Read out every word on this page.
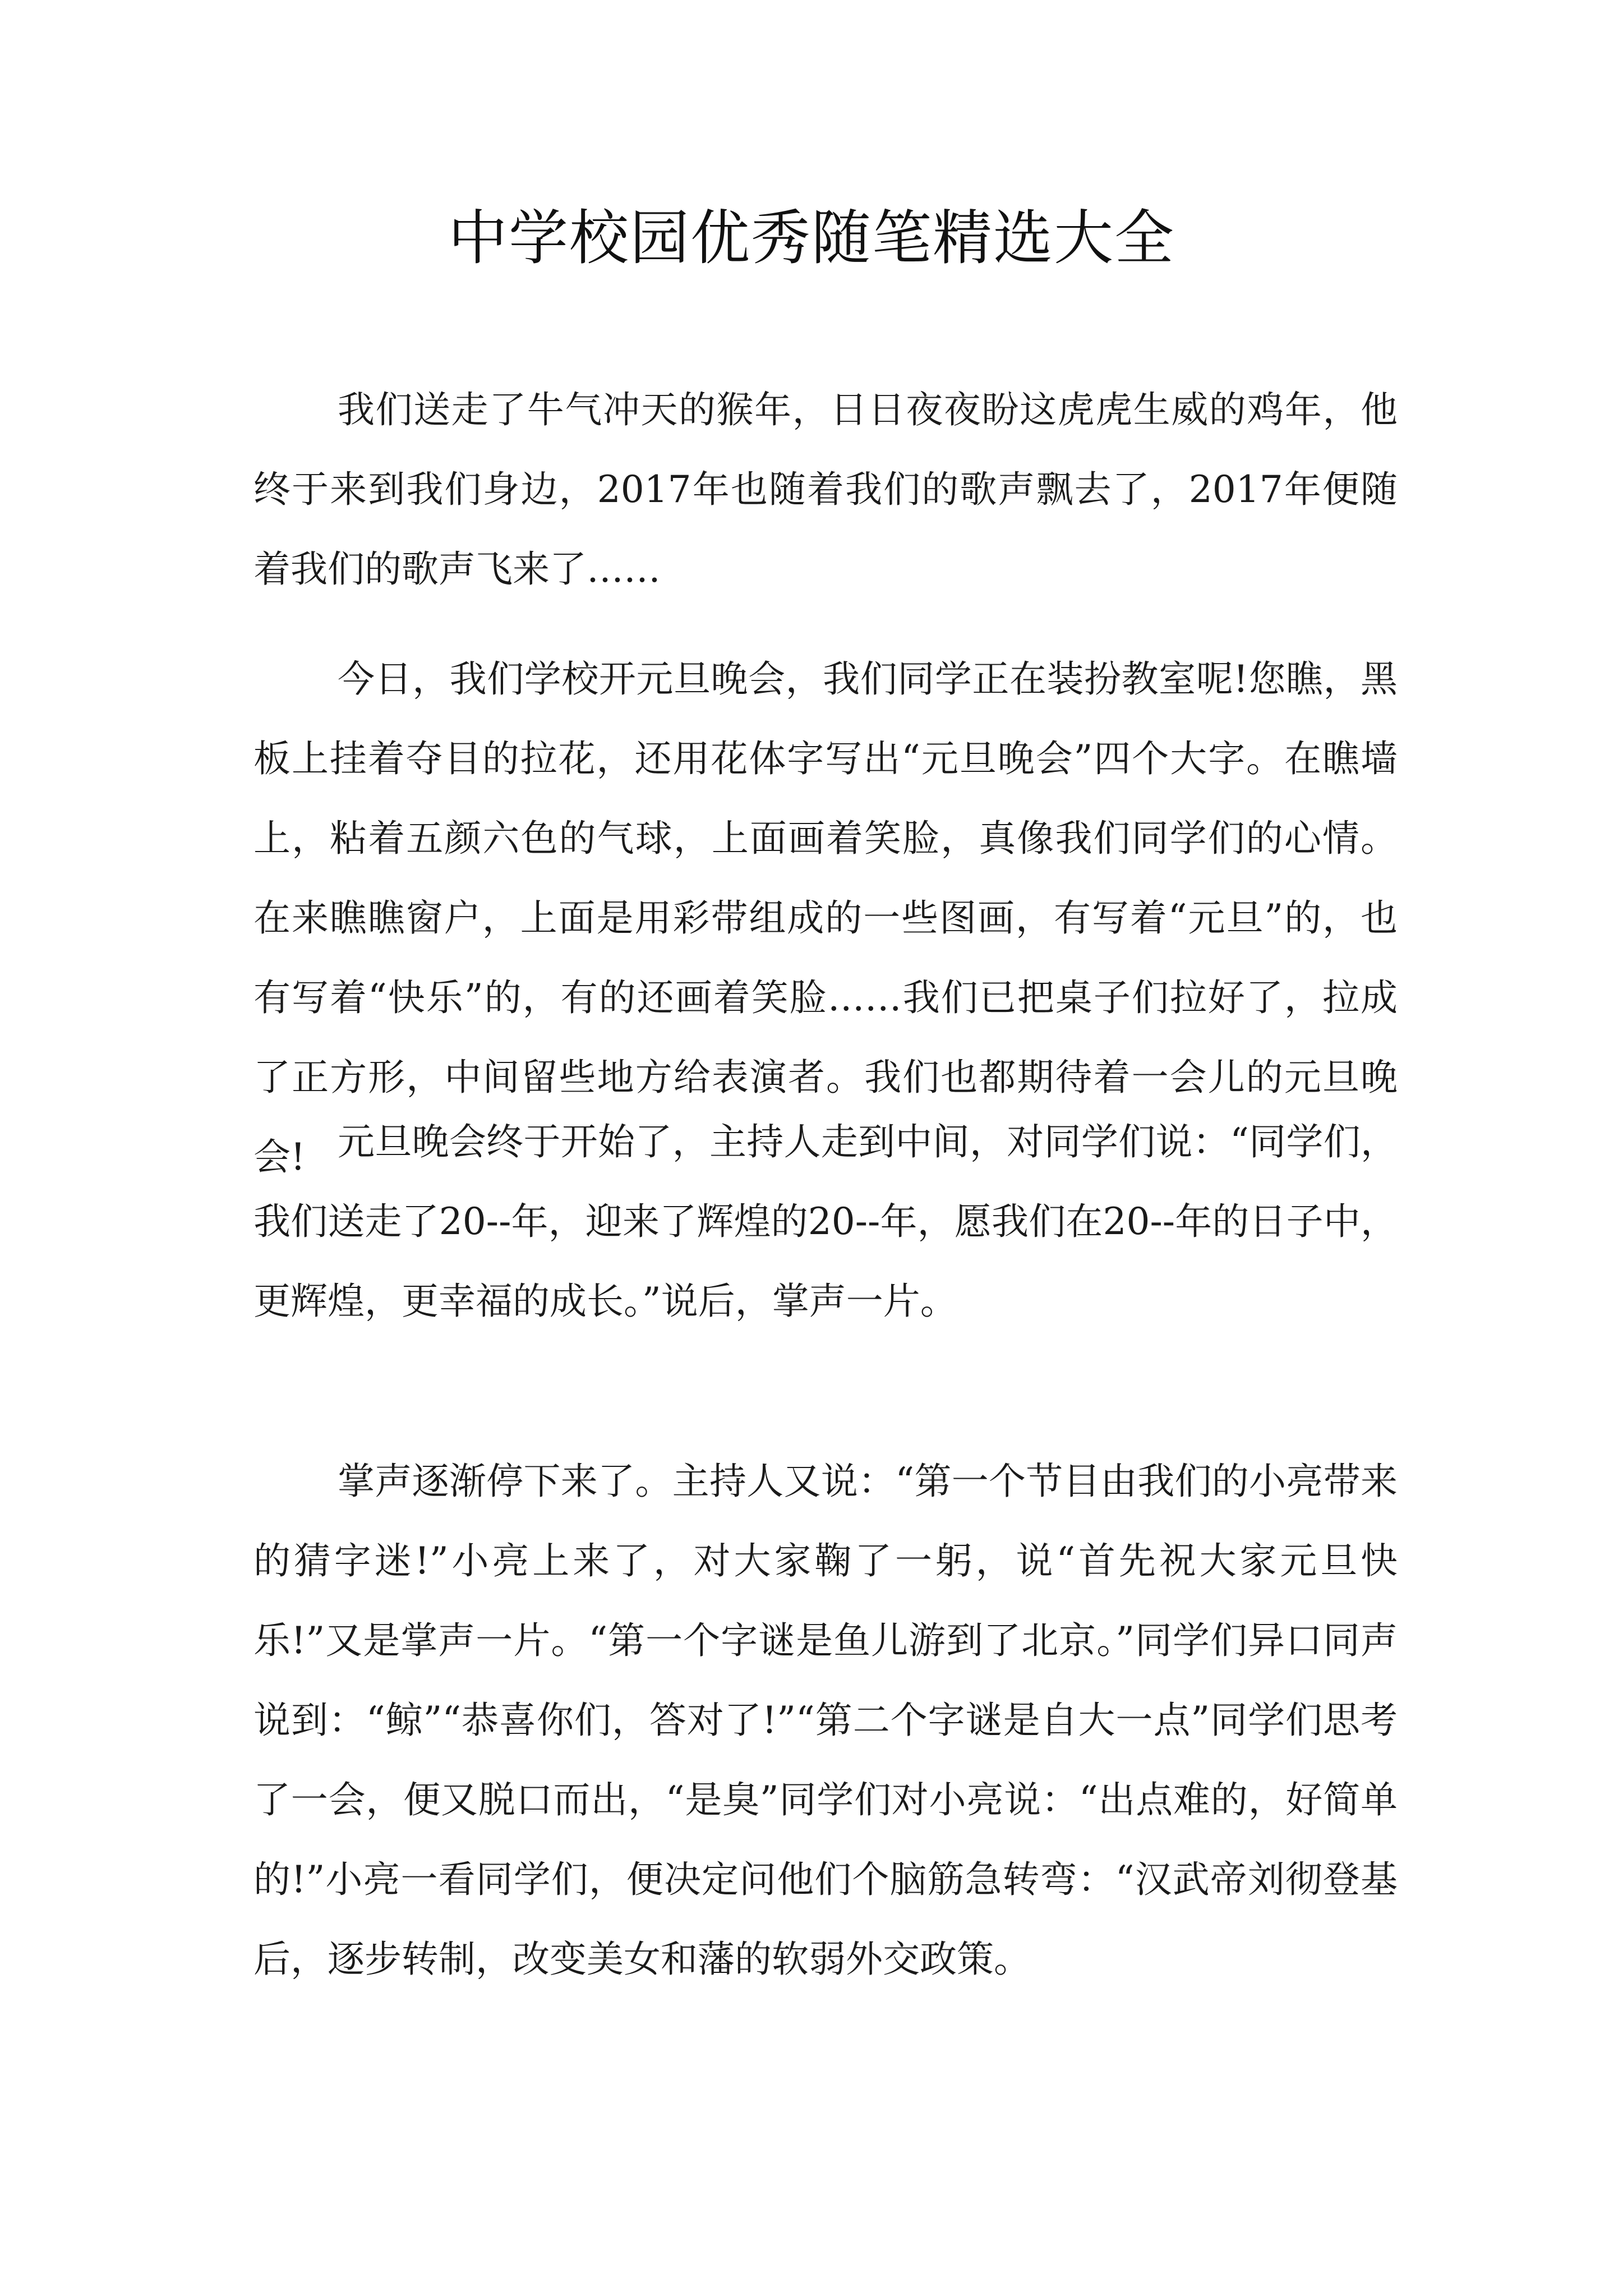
中学校园优秀随笔精选大全

我们送走了牛气冲天的猴年，日日夜夜盼这虎虎生威的鸡年，他终于来到我们身边，2017年也随着我们的歌声飘去了，2017年便随着我们的歌声飞来了……

今日，我们学校开元旦晚会，我们同学正在装扮教室呢!您瞧，黑板上挂着夺目的拉花，还用花体字写出“元旦晚会”四个大字。在瞧墙上，粘着五颜六色的气球，上面画着笑脸，真像我们同学们的心情。在来瞧瞧窗户，上面是用彩带组成的一些图画，有写着“元旦”的，也有写着“快乐”的，有的还画着笑脸……我们已把桌子们拉好了，拉成了正方形，中间留些地方给表演者。我们也都期待着一会儿的元旦晚会! 元旦晚会终于开始了，主持人走到中间，对同学们说：“同学们，我们送走了20--年，迎来了辉煌的20--年，愿我们在20--年的日子中，更辉煌，更幸福的成长。”说后，掌声一片。

掌声逐渐停下来了。主持人又说：“第一个节目由我们的小亮带来的猜字迷!”小亮上来了，对大家鞠了一躬，说“首先祝大家元旦快乐!”又是掌声一片。“第一个字谜是鱼儿游到了北京。”同学们异口同声说到：“鲸”“恭喜你们，答对了!”“第二个字谜是自大一点”同学们思考了一会，便又脱口而出，“是臭”同学们对小亮说：“出点难的，好简单的!”小亮一看同学们，便决定问他们个脑筋急转弯：“汉武帝刘彻登基后，逐步转制，改变美女和藩的软弱外交政策。
